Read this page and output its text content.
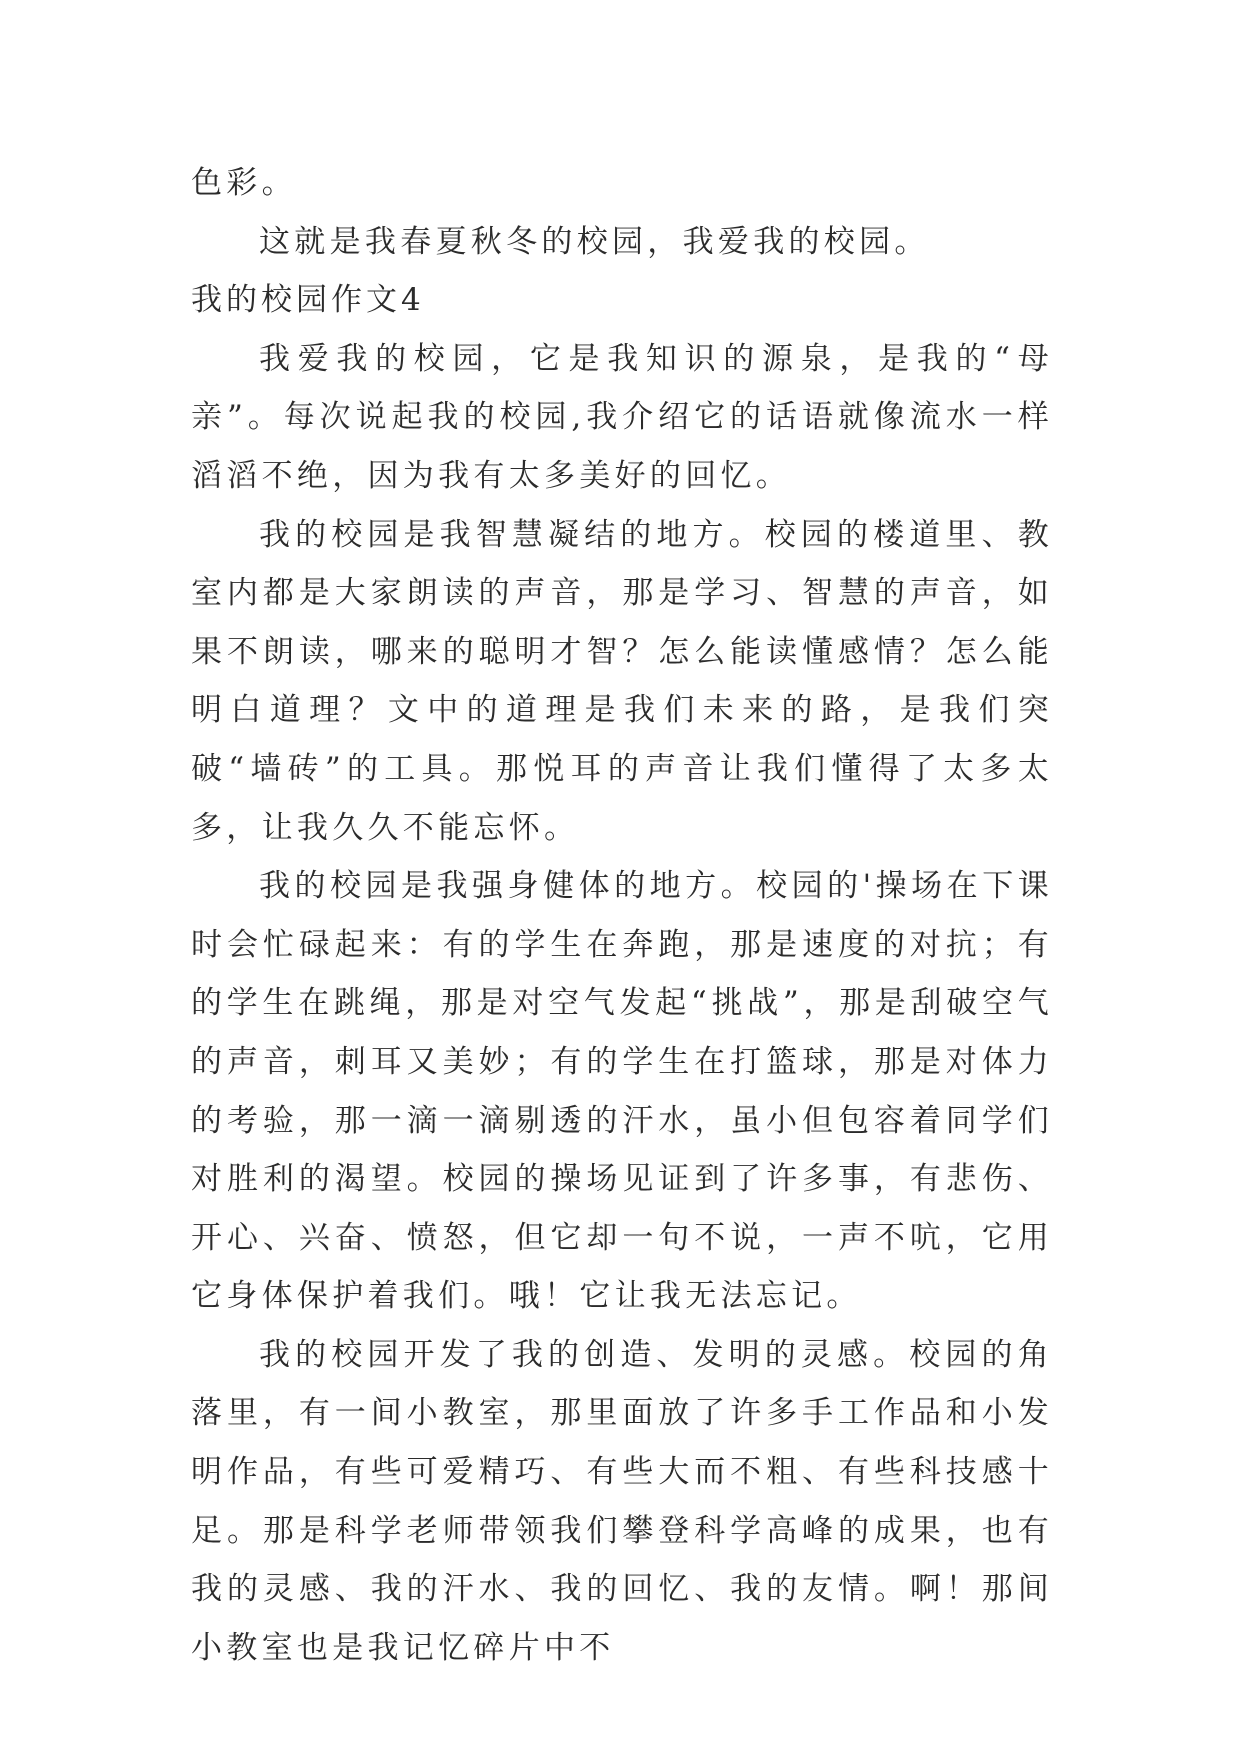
色彩。

这就是我春夏秋冬的校园，我爱我的校园。

我的校园作文4

我爱我的校园，它是我知识的源泉，是我的“母亲”。每次说起我的校园,我介绍它的话语就像流水一样滔滔不绝，因为我有太多美好的回忆。

我的校园是我智慧凝结的地方。校园的楼道里、教室内都是大家朗读的声音，那是学习、智慧的声音，如果不朗读，哪来的聪明才智？怎么能读懂感情？怎么能明白道理？文中的道理是我们未来的路，是我们突破“墙砖”的工具。那悦耳的声音让我们懂得了太多太多，让我久久不能忘怀。

我的校园是我强身健体的地方。校园的'操场在下课时会忙碌起来：有的学生在奔跑，那是速度的对抗；有的学生在跳绳，那是对空气发起“挑战”，那是刮破空气的声音，刺耳又美妙；有的学生在打篮球，那是对体力的考验，那一滴一滴剔透的汗水，虽小但包容着同学们对胜利的渴望。校园的操场见证到了许多事，有悲伤、开心、兴奋、愤怒，但它却一句不说，一声不吭，它用它身体保护着我们。哦！它让我无法忘记。

我的校园开发了我的创造、发明的灵感。校园的角落里，有一间小教室，那里面放了许多手工作品和小发明作品，有些可爱精巧、有些大而不粗、有些科技感十足。那是科学老师带领我们攀登科学高峰的成果，也有我的灵感、我的汗水、我的回忆、我的友情。啊！那间小教室也是我记忆碎片中不
